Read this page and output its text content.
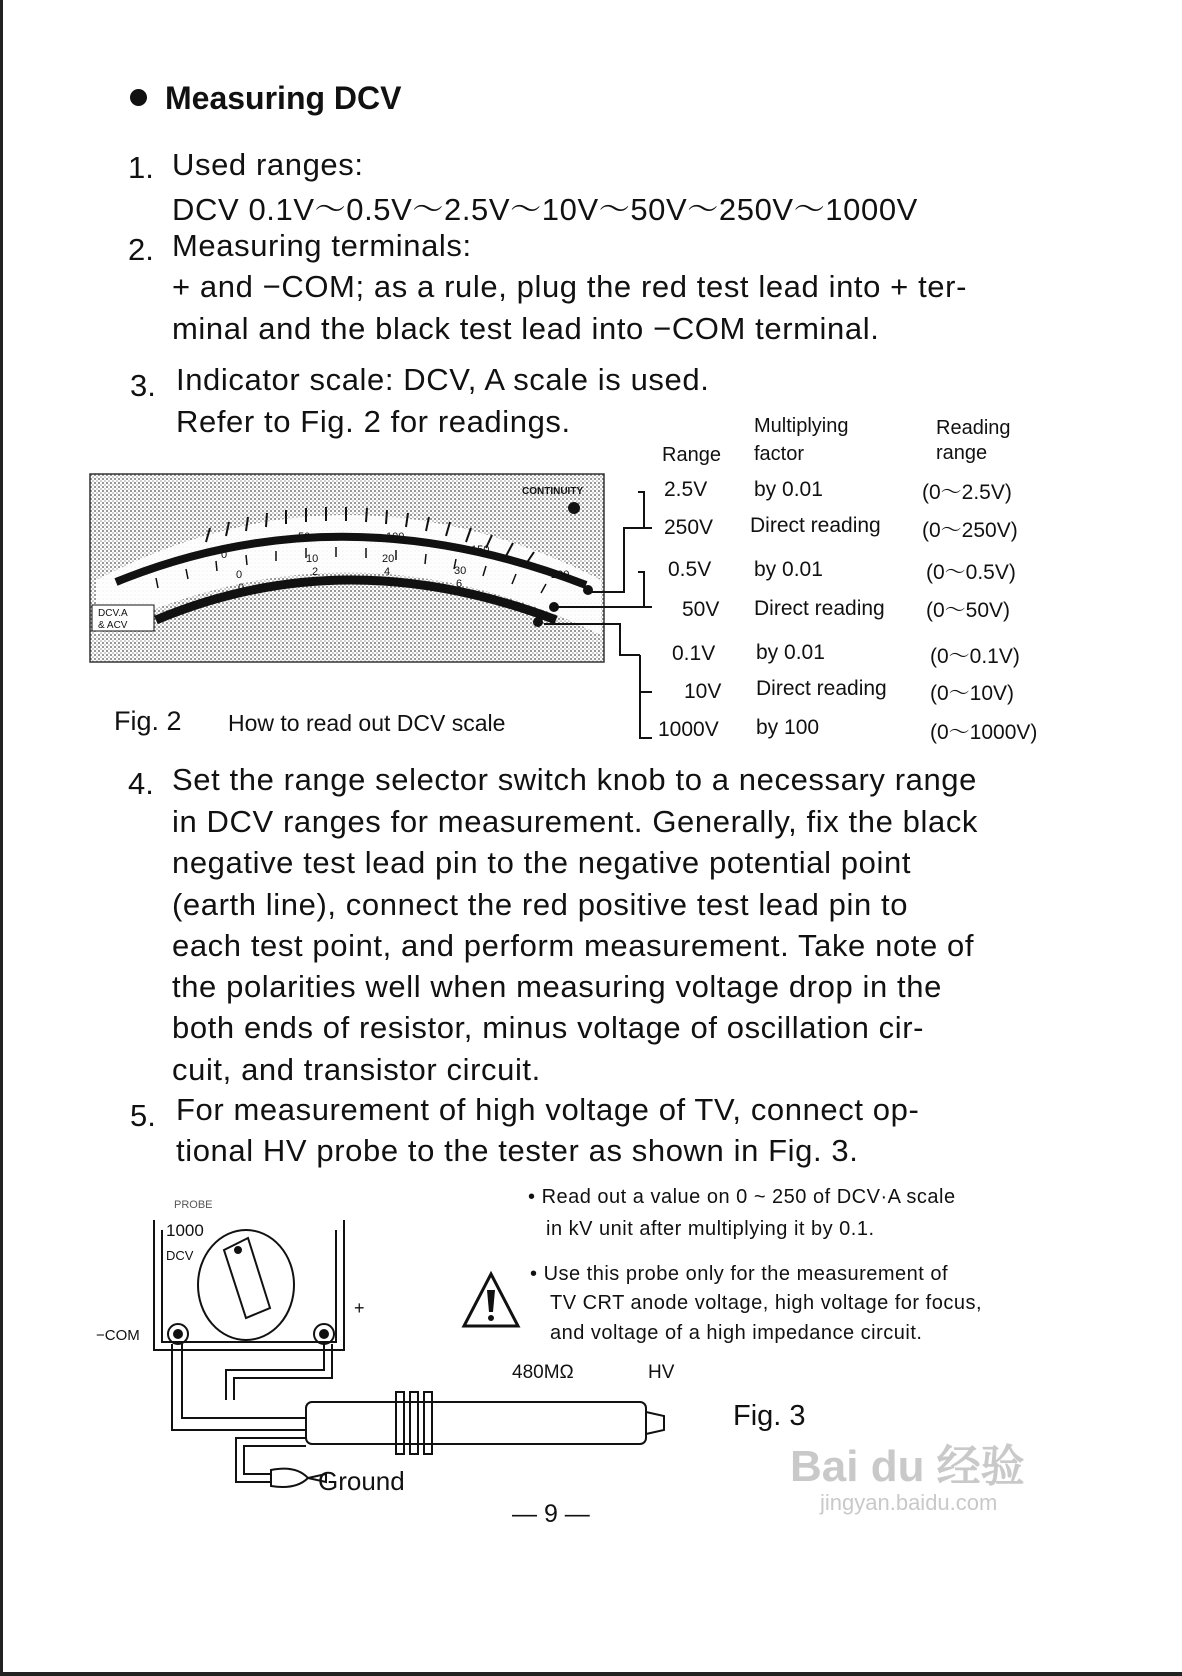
Measuring DCV
1. Used ranges:
DCV 0.1V～0.5V～2.5V～10V～50V～250V～1000V
2. Measuring terminals:
+ and −COM; as a rule, plug the red test lead into + ter-
minal and the black test lead into −COM terminal.
3. Indicator scale: DCV, A scale is used.
Refer to Fig. 2 for readings.
0
50	100
150
200
0
10	20
30
0
2	4
6
CONTINUITY
DCV.A
& ACV
Range
Multiplying
factor
Reading
range
2.5V by 0.01	(0～2.5V)
250V Direct reading (0～250V)
0.5V by 0.01	(0～0.5V)
50V Direct reading (0～50V)
0.1V by 0.01	(0～0.1V)
10V Direct reading (0～10V)
1000V by 100	(0～1000V)
Fig. 2 How to read out DCV scale
4. Set the range selector switch knob to a necessary range
in DCV ranges for measurement. Generally, fix the black
negative test lead pin to the negative potential point
(earth line), connect the red positive test lead pin to
each test point, and perform measurement. Take note of
the polarities well when measuring voltage drop in the
both ends of resistor, minus voltage of oscillation cir-
cuit, and transistor circuit.
5. For measurement of high voltage of TV, connect op-
tional HV probe to the tester as shown in Fig. 3.
PROBE
1000
DCV
−COM
+
• Read out a value on 0 ~ 250 of DCV·A scale
in kV unit after multiplying it by 0.1.
• Use this probe only for the measurement of
TV CRT anode voltage, high voltage for focus,
and voltage of a high impedance circuit.
480MΩ	HV
Fig. 3
Ground
— 9 —
Bai du 经验
jingyan.baidu.com
